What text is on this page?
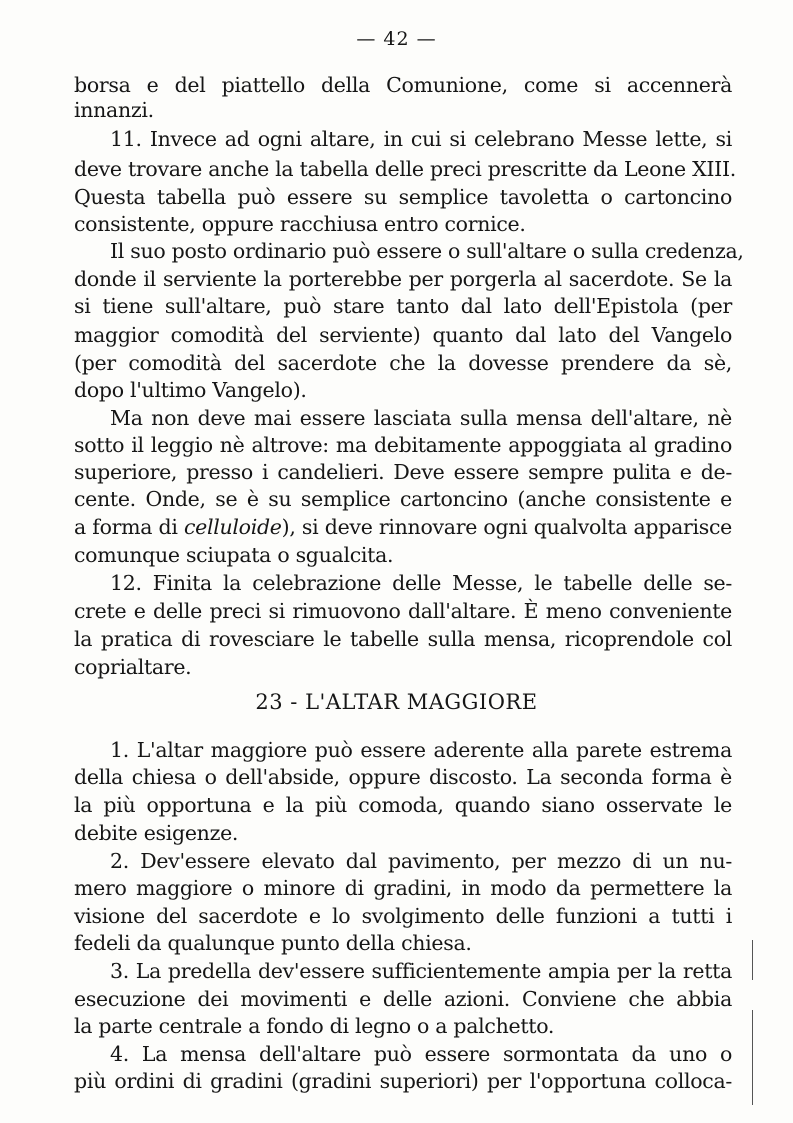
— 42 —
borsa e del piattello della Comunione, come si accennerà
innanzi.
11. Invece ad ogni altare, in cui si celebrano Messe lette, si
deve trovare anche la tabella delle preci prescritte da Leone XIII.
Questa tabella può essere su semplice tavoletta o cartoncino
consistente, oppure racchiusa entro cornice.
Il suo posto ordinario può essere o sull'altare o sulla credenza,
donde il serviente la porterebbe per porgerla al sacerdote. Se la
si tiene sull'altare, può stare tanto dal lato dell'Epistola (per
maggior comodità del serviente) quanto dal lato del Vangelo
(per comodità del sacerdote che la dovesse prendere da sè,
dopo l'ultimo Vangelo).
Ma non deve mai essere lasciata sulla mensa dell'altare, nè
sotto il leggio nè altrove: ma debitamente appoggiata al gradino
superiore, presso i candelieri. Deve essere sempre pulita e de-
cente. Onde, se è su semplice cartoncino (anche consistente e
a forma di celluloide), si deve rinnovare ogni qualvolta apparisce
comunque sciupata o sgualcita.
12. Finita la celebrazione delle Messe, le tabelle delle se-
crete e delle preci si rimuovono dall'altare. È meno conveniente
la pratica di rovesciare le tabelle sulla mensa, ricoprendole col
coprialtare.
23 - L'ALTAR MAGGIORE
1. L'altar maggiore può essere aderente alla parete estrema
della chiesa o dell'abside, oppure discosto. La seconda forma è
la più opportuna e la più comoda, quando siano osservate le
debite esigenze.
2. Dev'essere elevato dal pavimento, per mezzo di un nu-
mero maggiore o minore di gradini, in modo da permettere la
visione del sacerdote e lo svolgimento delle funzioni a tutti i
fedeli da qualunque punto della chiesa.
3. La predella dev'essere sufficientemente ampia per la retta
esecuzione dei movimenti e delle azioni. Conviene che abbia
la parte centrale a fondo di legno o a palchetto.
4. La mensa dell'altare può essere sormontata da uno o
più ordini di gradini (gradini superiori) per l'opportuna colloca-
